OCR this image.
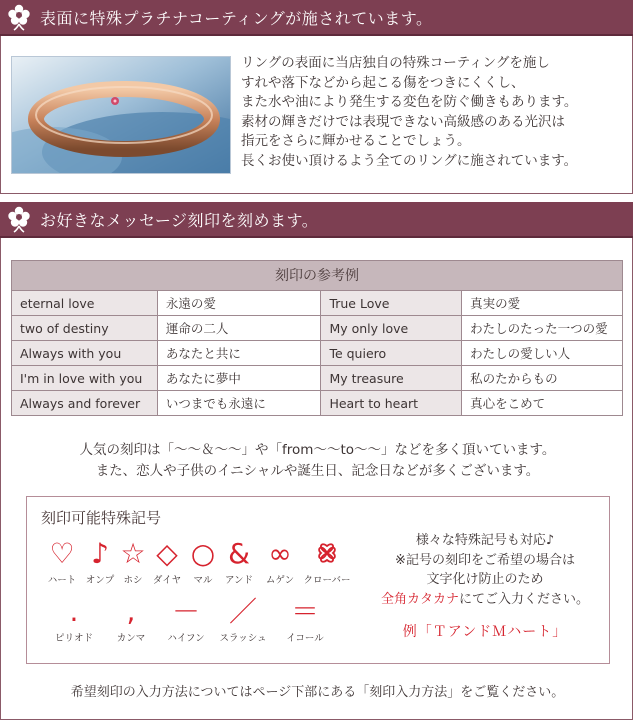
表面に特殊プラチナコーティングが施されています。

リングの表面に当店独自の特殊コーティングを施し

すれや落下などから起こる傷をつきにくくし、

また水や油により発生する変色を防ぐ働きもあります。

素材の輝きだけでは表現できない高級感のある光沢は

指元をさらに輝かせることでしょう。

長くお使い頂けるよう全てのリングに施されています。

お好きなメッセージ刻印を刻めます。
刻印の参考例
eternal love	永遠の愛	True Love	真実の愛
two of destiny	運命の二人	My only love	わたしのたった一つの愛
Always with you	あなたと共に	Te quiero	わたしの愛しい人
I'm in love with you	あなたに夢中	My treasure	私のたからもの
Always and forever	いつまでも永遠に	Heart to heart	真心をこめて

人気の刻印は「～～＆～～」や「from～～to～～」などを多く頂いています。

また、恋人や子供のイニシャルや誕生日、記念日などが多くございます。

刻印可能特殊記号
♡
ハート
♪
オンプ
☆
ホシ
◇
ダイヤ
○
マル
&
アンド
∞
ムゲン クローバー
.
ピリオド
,
カンマ
－
ハイフン
／
スラッシュ
＝
イコール

様々な特殊記号も対応♪

※記号の刻印をご希望の場合は

文字化け防止のため

全角カタカナにてご入力ください。

例「ＴアンドＭハート」
希望刻印の入力方法についてはページ下部にある「刻印入力方法」をご覧ください。
